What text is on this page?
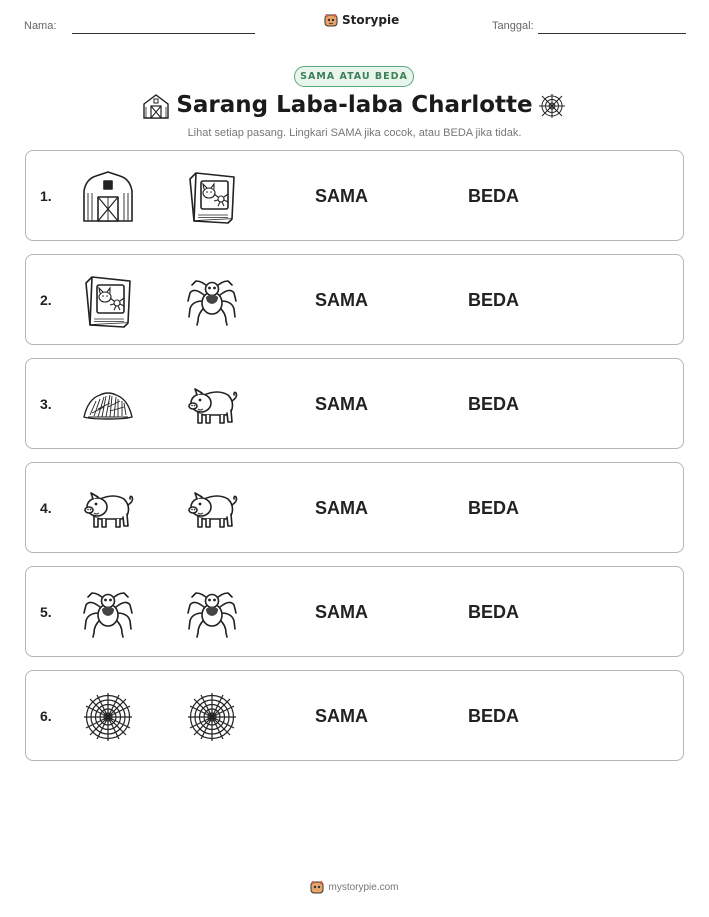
Nama:	Storypie	Tanggal:
SAMA ATAU BEDA
Sarang Laba-laba Charlotte
Lihat setiap pasang. Lingkari SAMA jika cocok, atau BEDA jika tidak.
1.	SAMA	BEDA
2.	SAMA	BEDA
3.	SAMA	BEDA
4.	SAMA	BEDA
5.	SAMA	BEDA
6.	SAMA	BEDA
mystorypie.com
